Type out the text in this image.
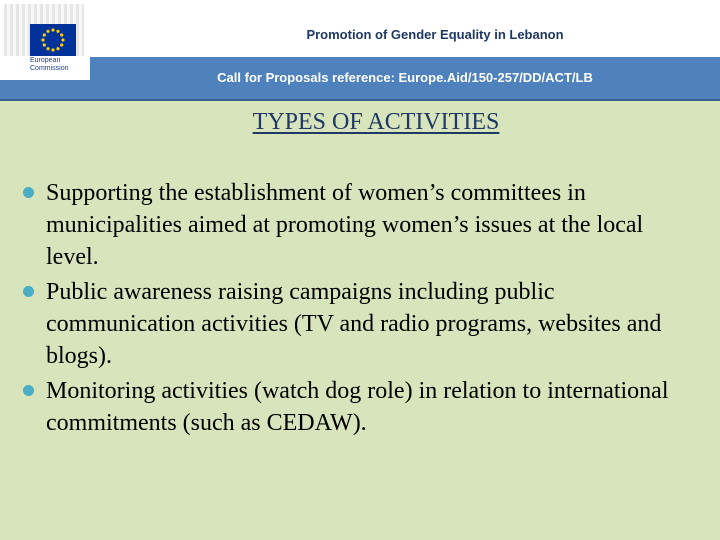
Call for Proposals reference: Europe.Aid/150-257/DD/ACT/LB
European
Commission
Promotion of Gender Equality in Lebanon
TYPES OF ACTIVITIES
Supporting the establishment of women’s committees in municipalities aimed at promoting women’s issues at the local level.
Public awareness raising campaigns including public communication activities (TV and radio programs, websites and blogs).
Monitoring activities (watch dog role) in relation to international commitments (such as CEDAW).
